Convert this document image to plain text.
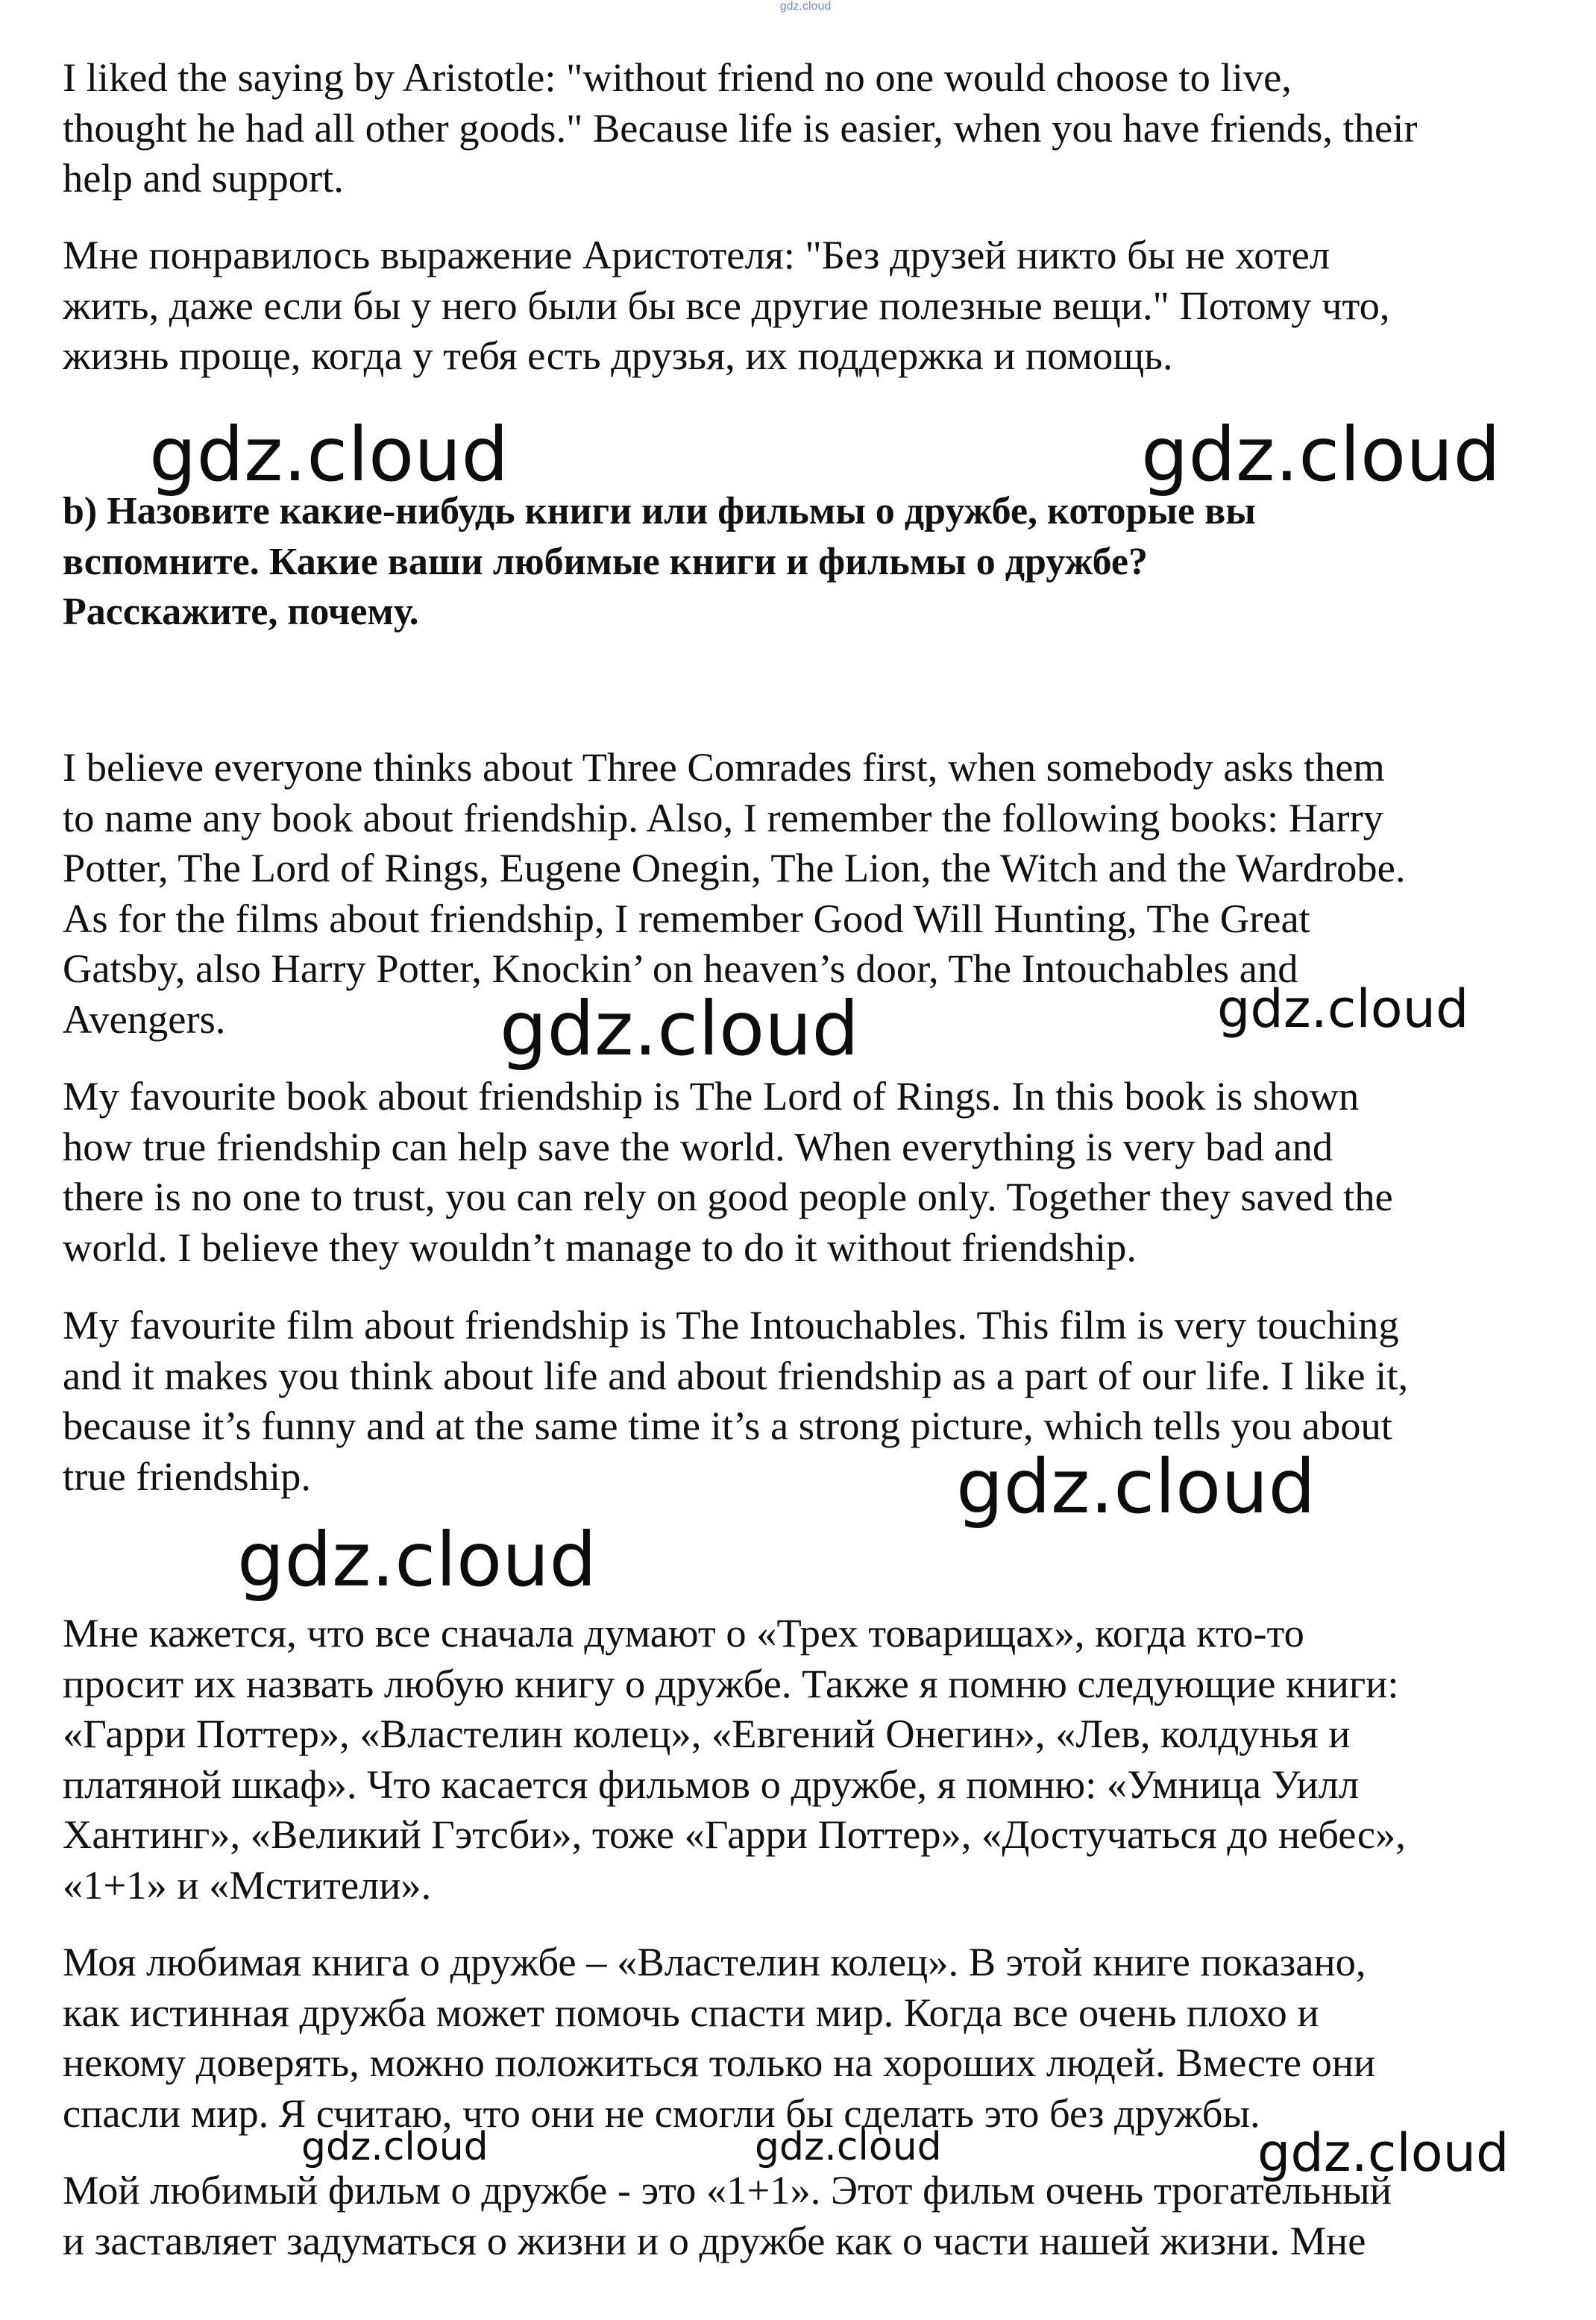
gdz.cloud

I liked the saying by Aristotle: "without friend no one would choose to live,
thought he had all other goods." Because life is easier, when you have friends, their
help and support.

Мне понравилось выражение Аристотеля: "Без друзей никто бы не хотел
жить, даже если бы у него были бы все другие полезные вещи." Потому что,
жизнь проще, когда у тебя есть друзья, их поддержка и помощь.

b) Назовите какие-нибудь книги или фильмы о дружбе, которые вы
вспомните. Какие ваши любимые книги и фильмы о дружбе?
Расскажите, почему.

I believe everyone thinks about Three Comrades first, when somebody asks them
to name any book about friendship. Also, I remember the following books: Harry
Potter, The Lord of Rings, Eugene Onegin, The Lion, the Witch and the Wardrobe.
As for the films about friendship, I remember Good Will Hunting, The Great
Gatsby, also Harry Potter, Knockin’ on heaven’s door, The Intouchables and
Avengers.

My favourite book about friendship is The Lord of Rings. In this book is shown
how true friendship can help save the world. When everything is very bad and
there is no one to trust, you can rely on good people only. Together they saved the
world. I believe they wouldn’t manage to do it without friendship.

My favourite film about friendship is The Intouchables. This film is very touching
and it makes you think about life and about friendship as a part of our life. I like it,
because it’s funny and at the same time it’s a strong picture, which tells you about
true friendship.

Мне кажется, что все сначала думают о «Трех товарищах», когда кто-то
просит их назвать любую книгу о дружбе. Также я помню следующие книги:
«Гарри Поттер», «Властелин колец», «Евгений Онегин», «Лев, колдунья и
платяной шкаф». Что касается фильмов о дружбе, я помню: «Умница Уилл
Хантинг», «Великий Гэтсби», тоже «Гарри Поттер», «Достучаться до небес»,
«1+1» и «Мстители».

Моя любимая книга о дружбе – «Властелин колец». В этой книге показано,
как истинная дружба может помочь спасти мир. Когда все очень плохо и
некому доверять, можно положиться только на хороших людей. Вместе они
спасли мир. Я считаю, что они не смогли бы сделать это без дружбы.

Мой любимый фильм о дружбе - это «1+1». Этот фильм очень трогательный
и заставляет задуматься о жизни и о дружбе как о части нашей жизни. Мне

gdz.cloud	gdz.cloud
gdz.cloud	gdz.cloud
gdz.cloud
gdz.cloud
gdz.cloud	gdz.cloud	gdz.cloud
